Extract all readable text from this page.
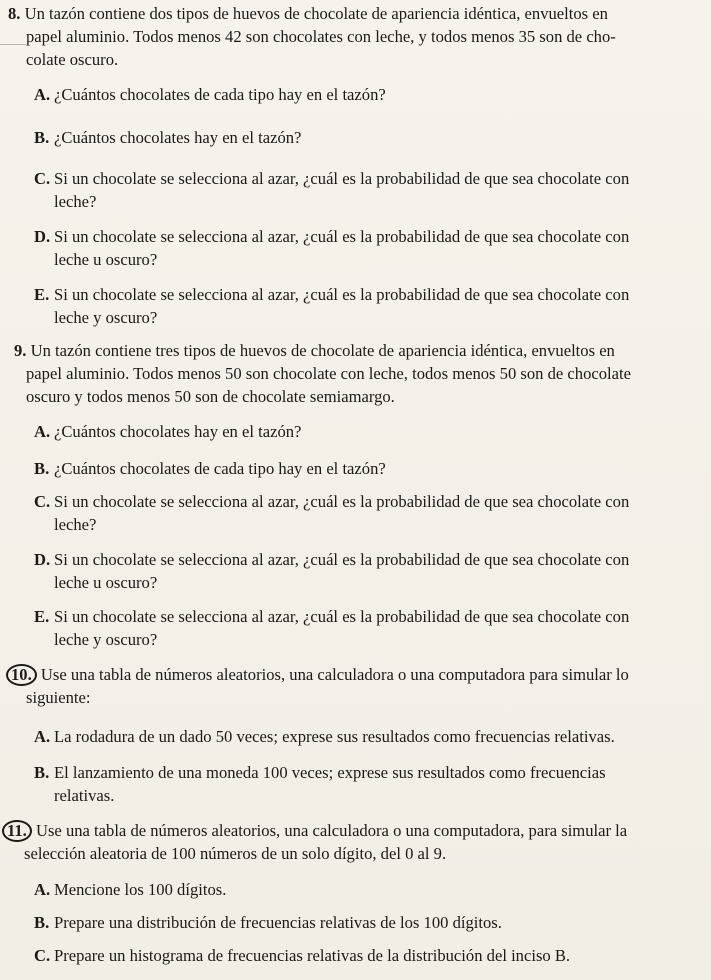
8. Un tazón contiene dos tipos de huevos de chocolate de apariencia idéntica, envueltos en
papel aluminio. Todos menos 42 son chocolates con leche, y todos menos 35 son de cho-
colate oscuro.
A. ¿Cuántos chocolates de cada tipo hay en el tazón?
B. ¿Cuántos chocolates hay en el tazón?
C. Si un chocolate se selecciona al azar, ¿cuál es la probabilidad de que sea chocolate con
leche?
D. Si un chocolate se selecciona al azar, ¿cuál es la probabilidad de que sea chocolate con
leche u oscuro?
E. Si un chocolate se selecciona al azar, ¿cuál es la probabilidad de que sea chocolate con
leche y oscuro?
9. Un tazón contiene tres tipos de huevos de chocolate de apariencia idéntica, envueltos en
papel aluminio. Todos menos 50 son chocolate con leche, todos menos 50 son de chocolate
oscuro y todos menos 50 son de chocolate semiamargo.
A. ¿Cuántos chocolates hay en el tazón?
B. ¿Cuántos chocolates de cada tipo hay en el tazón?
C. Si un chocolate se selecciona al azar, ¿cuál es la probabilidad de que sea chocolate con
leche?
D. Si un chocolate se selecciona al azar, ¿cuál es la probabilidad de que sea chocolate con
leche u oscuro?
E. Si un chocolate se selecciona al azar, ¿cuál es la probabilidad de que sea chocolate con
leche y oscuro?
10. Use una tabla de números aleatorios, una calculadora o una computadora para simular lo
siguiente:
A. La rodadura de un dado 50 veces; exprese sus resultados como frecuencias relativas.
B. El lanzamiento de una moneda 100 veces; exprese sus resultados como frecuencias
relativas.
11. Use una tabla de números aleatorios, una calculadora o una computadora, para simular la
selección aleatoria de 100 números de un solo dígito, del 0 al 9.
A. Mencione los 100 dígitos.
B. Prepare una distribución de frecuencias relativas de los 100 dígitos.
C. Prepare un histograma de frecuencias relativas de la distribución del inciso B.
